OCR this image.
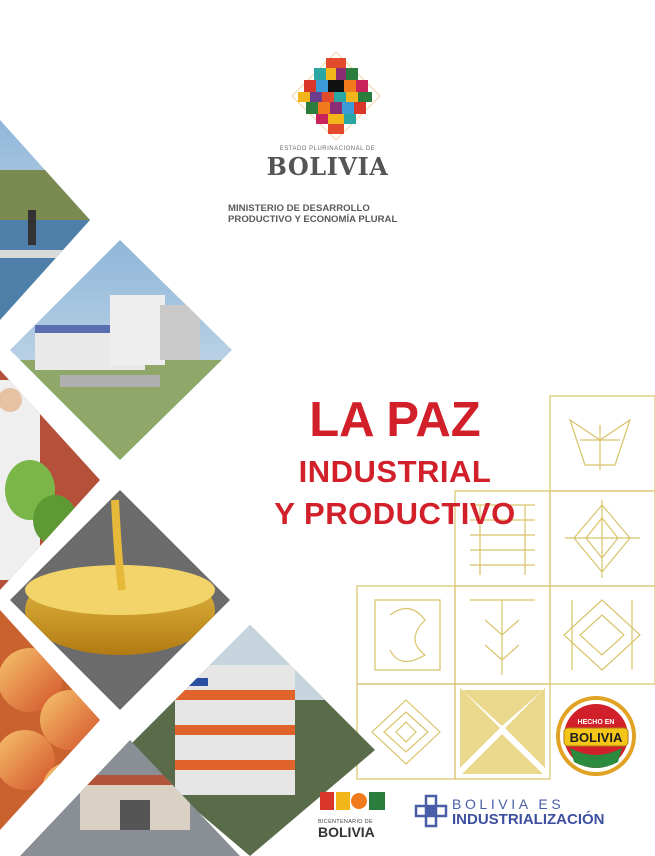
ESTADO PLURINACIONAL DE
BOLIVIA
MINISTERIO DE DESARROLLO
PRODUCTIVO Y ECONOMÍA PLURAL
LA PAZ
INDUSTRIAL
Y PRODUCTIVO
HECHO EN
BOLIVIA
BICENTENARIO DE
BOLIVIA
BOLIVIA ES
INDUSTRIALIZACIÓN
